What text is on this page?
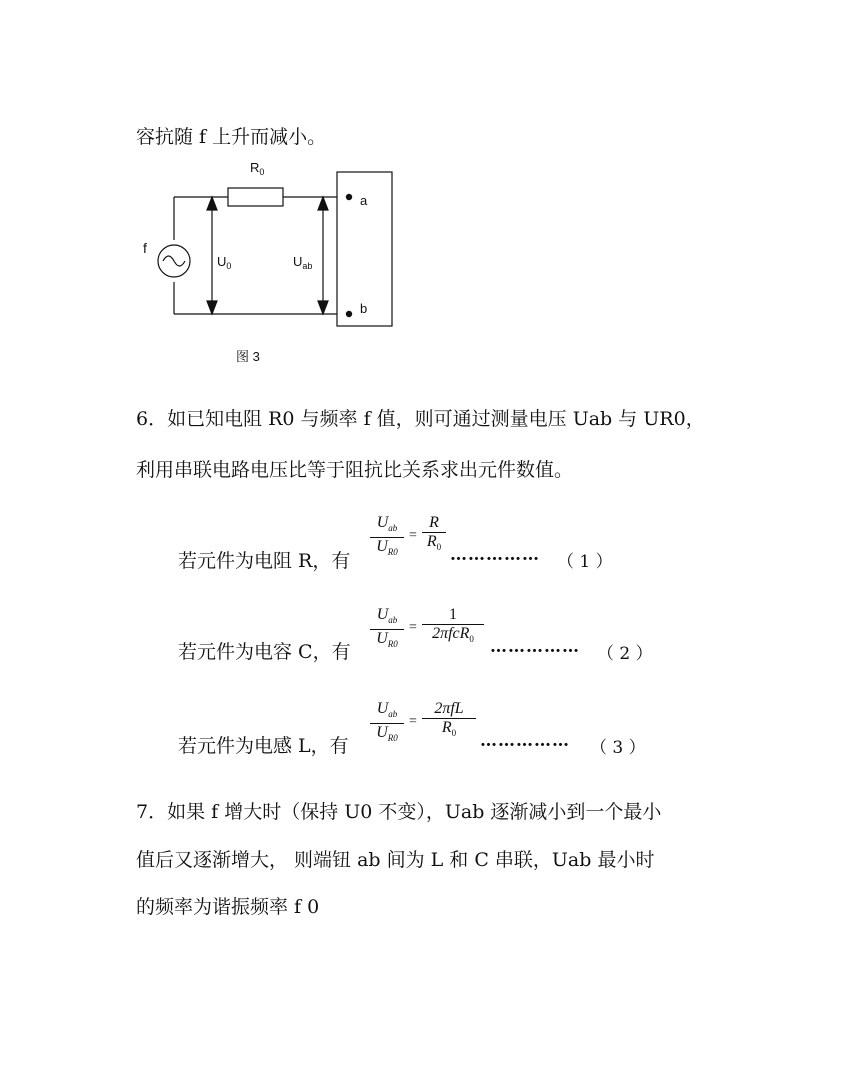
容抗随 f 上升而减小。
$R_0$
f
$U_0$	$U_{ab}$
a
b
图 3
6．如已知电阻 R0 与频率 f 值，则可通过测量电压 Uab 与 UR0，
利用串联电路电压比等于阻抗比关系求出元件数值。
若元件为电阻 R，有
$U_{ab}$
$U_{R0}$
=
R
$R_0$ …………… （ 1 ）
若元件为电容 C，有
$U_{ab}$
$U_{R0}$
=
1
2πfcR$_0$ …………… （ 2 ）
若元件为电感 L，有
$U_{ab}$
$U_{R0}$
=
2πfL
$R_0$	…………… （ 3 ）
7．如果 f 增大时（保持 U0 不变），Uab 逐渐减小到一个最小
值后又逐渐增大， 则端钮 ab 间为 L 和 C 串联，Uab 最小时
的频率为谐振频率 f 0
